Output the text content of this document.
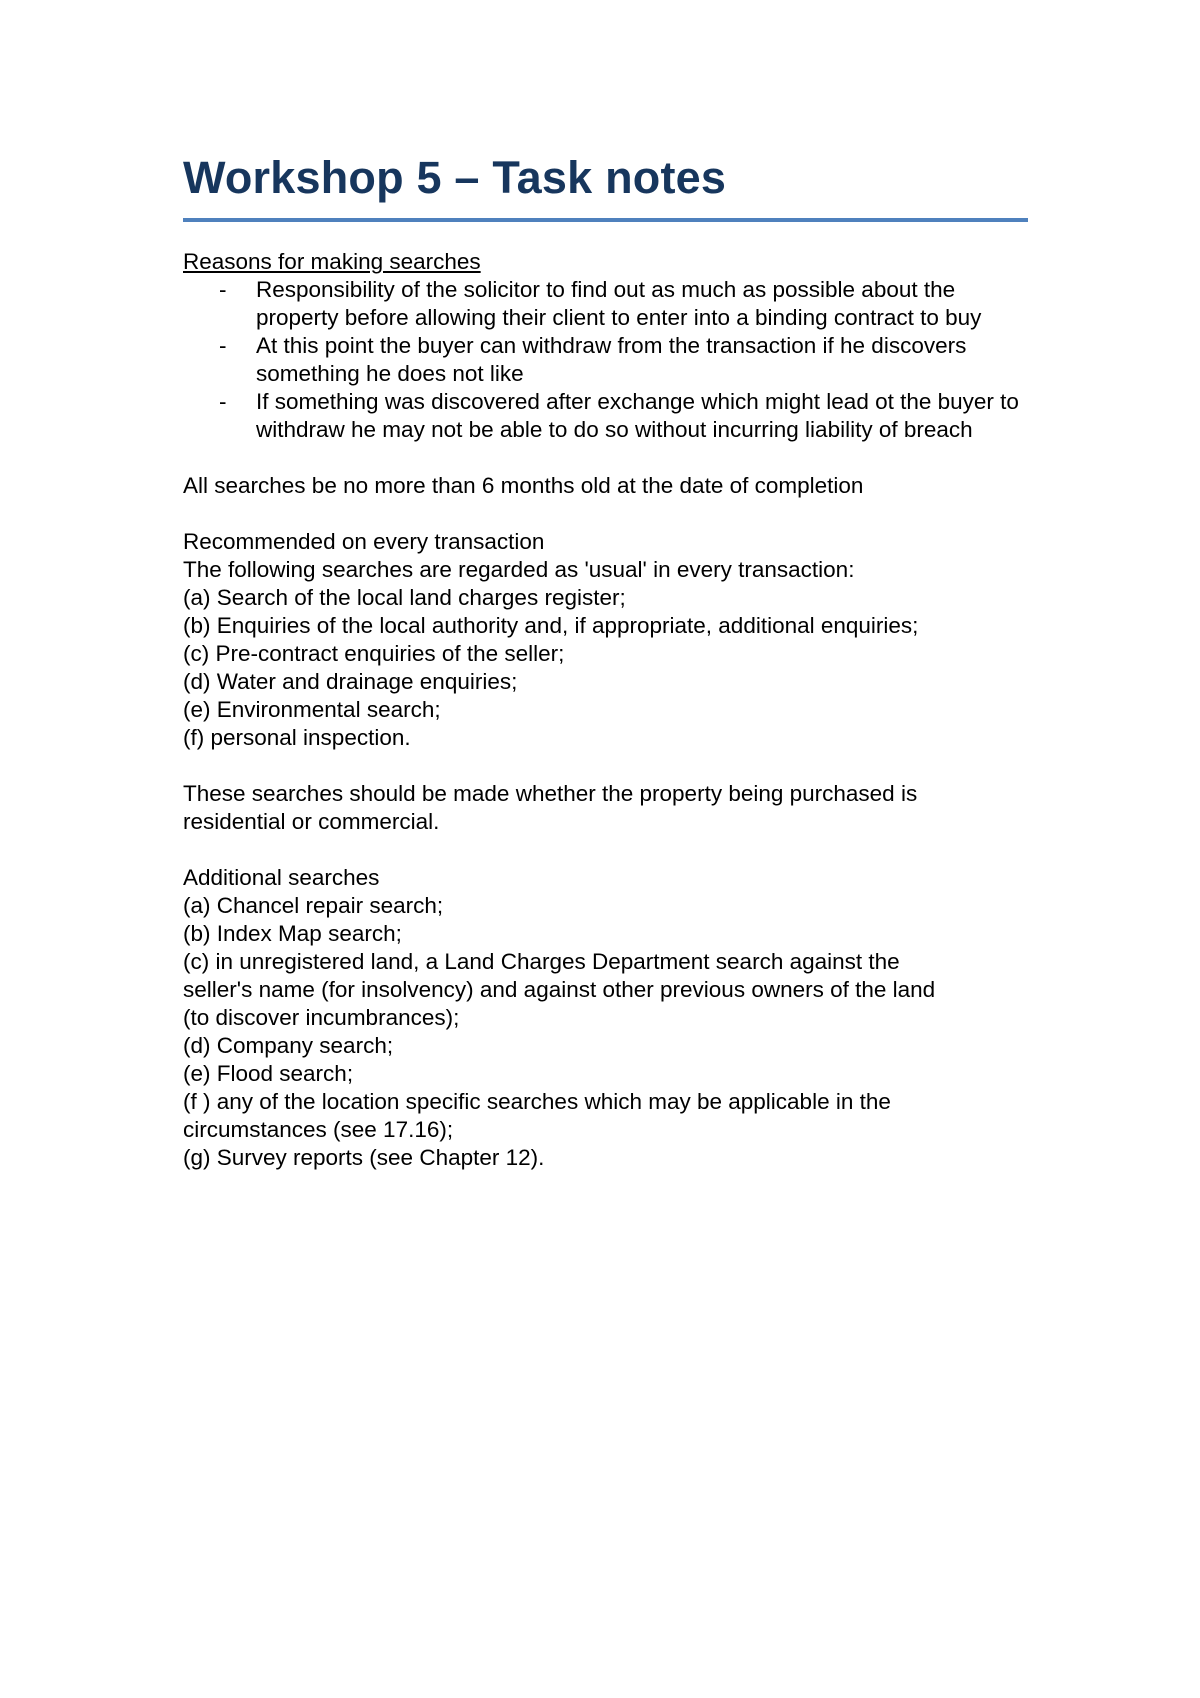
Workshop 5 – Task notes

Reasons for making searches

- Responsibility of the solicitor to find out as much as possible about the property before allowing their client to enter into a binding contract to buy
- At this point the buyer can withdraw from the transaction if he discovers something he does not like
- If something was discovered after exchange which might lead ot the buyer to withdraw he may not be able to do so without incurring liability of breach

All searches be no more than 6 months old at the date of completion

Recommended on every transaction

The following searches are regarded as 'usual' in every transaction:

(a) Search of the local land charges register;

(b) Enquiries of the local authority and, if appropriate, additional enquiries;

(c) Pre-contract enquiries of the seller;

(d) Water and drainage enquiries;

(e) Environmental search;

(f) personal inspection.

These searches should be made whether the property being purchased is

residential or commercial.

Additional searches

(a) Chancel repair search;

(b) Index Map search;

(c) in unregistered land, a Land Charges Department search against the

seller's name (for insolvency) and against other previous owners of the land

(to discover incumbrances);

(d) Company search;

(e) Flood search;

(f ) any of the location specific searches which may be applicable in the

circumstances (see 17.16);

(g) Survey reports (see Chapter 12).
